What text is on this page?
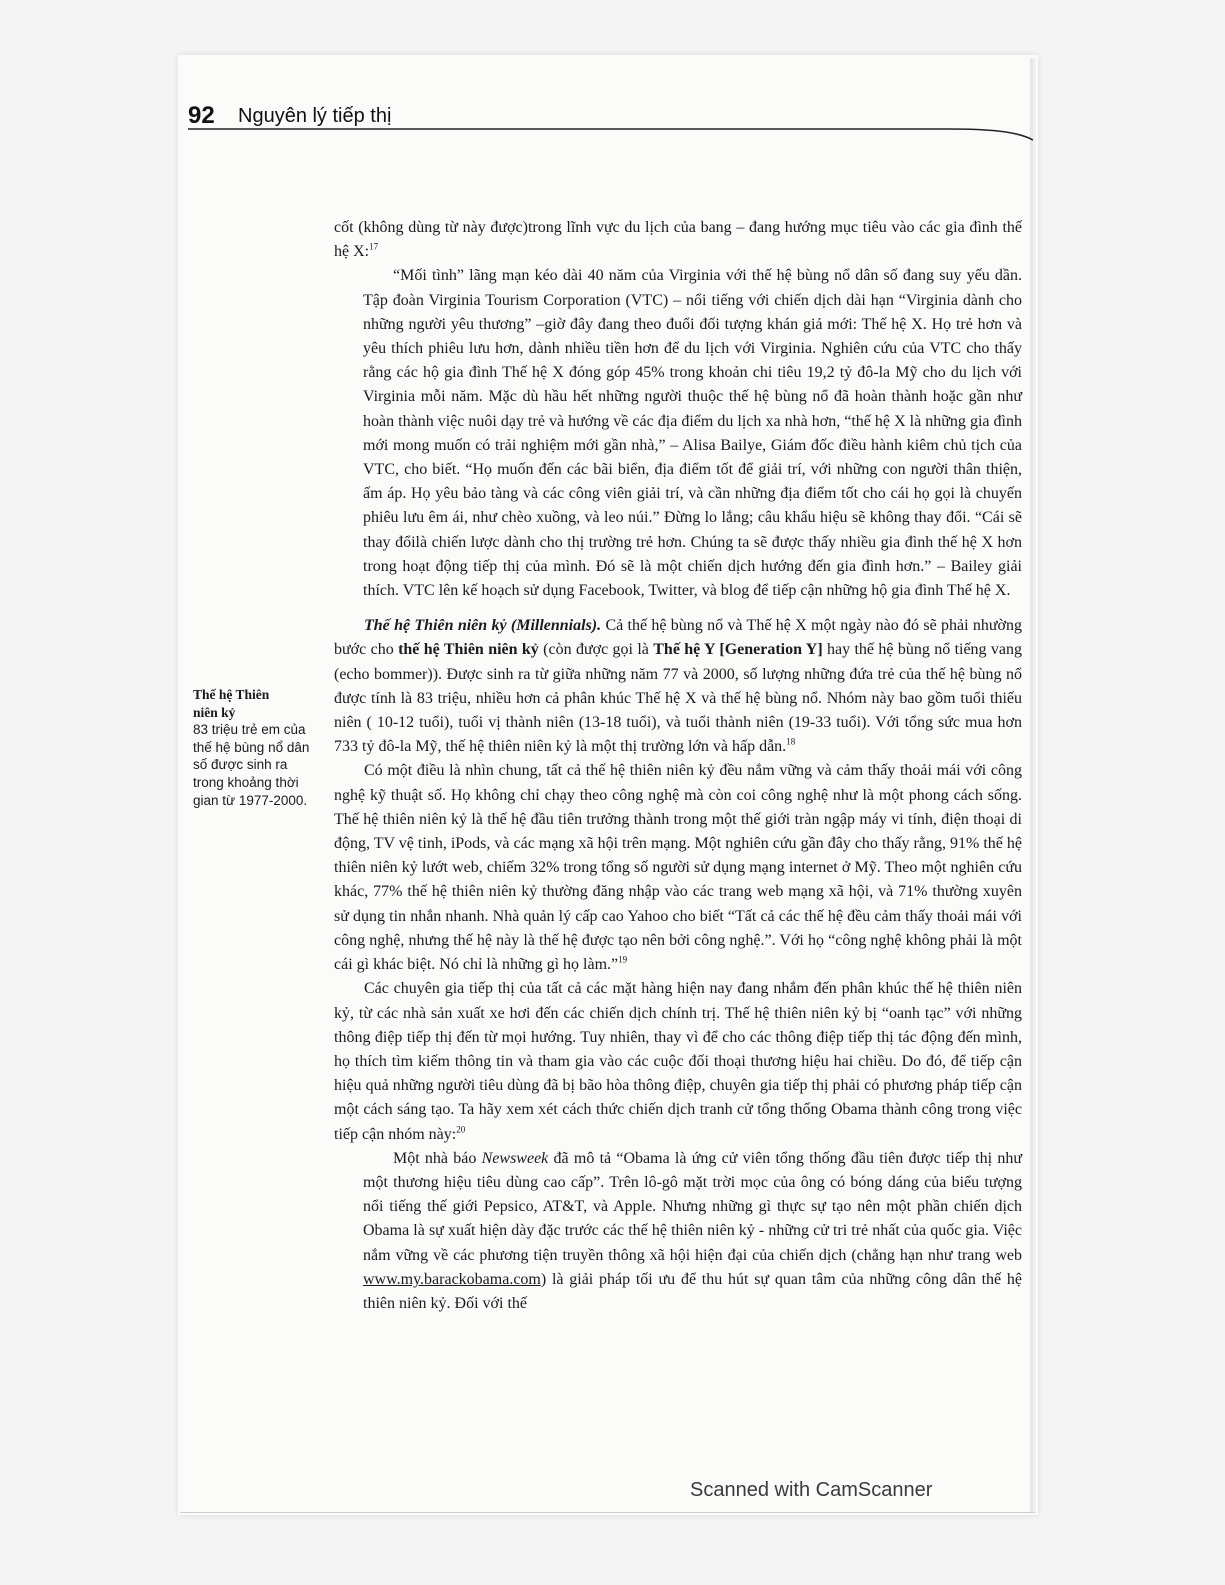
92 Nguyên lý tiếp thị
Thế hệ Thiên
niên kỷ
83 triệu trẻ em của thế hệ bùng nổ dân số được sinh ra trong khoảng thời gian từ 1977-2000.

cốt (không dùng từ này được)trong lĩnh vực du lịch của bang – đang hướng mục tiêu vào các gia đình thế hệ X:$^{17}$

“Mối tình” lãng mạn kéo dài 40 năm của Virginia với thế hệ bùng nổ dân số đang suy yếu dần. Tập đoàn Virginia Tourism Corporation (VTC) – nổi tiếng với chiến dịch dài hạn “Virginia dành cho những người yêu thương” –giờ đây đang theo đuổi đối tượng khán giả mới: Thế hệ X. Họ trẻ hơn và yêu thích phiêu lưu hơn, dành nhiều tiền hơn để du lịch với Virginia. Nghiên cứu của VTC cho thấy rằng các hộ gia đình Thế hệ X đóng góp 45% trong khoản chi tiêu 19,2 tỷ đô-la Mỹ cho du lịch với Virginia mỗi năm. Mặc dù hầu hết những người thuộc thế hệ bùng nổ đã hoàn thành hoặc gần như hoàn thành việc nuôi dạy trẻ và hướng về các địa điểm du lịch xa nhà hơn, “thế hệ X là những gia đình mới mong muốn có trải nghiệm mới gần nhà,” – Alisa Bailye, Giám đốc điều hành kiêm chủ tịch của VTC, cho biết. “Họ muốn đến các bãi biển, địa điểm tốt để giải trí, với những con người thân thiện, ấm áp. Họ yêu bảo tàng và các công viên giải trí, và cần những địa điểm tốt cho cái họ gọi là chuyến phiêu lưu êm ái, như chèo xuồng, và leo núi.” Đừng lo lắng; câu khẩu hiệu sẽ không thay đổi. “Cái sẽ thay đổilà chiến lược dành cho thị trường trẻ hơn. Chúng ta sẽ được thấy nhiều gia đình thế hệ X hơn trong hoạt động tiếp thị của mình. Đó sẽ là một chiến dịch hướng đến gia đình hơn.” – Bailey giải thích. VTC lên kế hoạch sử dụng Facebook, Twitter, và blog để tiếp cận những hộ gia đình Thế hệ X.

Thế hệ Thiên niên kỷ (Millennials). Cả thế hệ bùng nổ và Thế hệ X một ngày nào đó sẽ phải nhường bước cho thế hệ Thiên niên kỷ (còn được gọi là Thế hệ Y [Generation Y] hay thế hệ bùng nổ tiếng vang (echo bommer)). Được sinh ra từ giữa những năm 77 và 2000, số lượng những đứa trẻ của thế hệ bùng nổ được tính là 83 triệu, nhiều hơn cả phân khúc Thế hệ X và thế hệ bùng nổ. Nhóm này bao gồm tuổi thiếu niên ( 10-12 tuổi), tuổi vị thành niên (13-18 tuổi), và tuổi thành niên (19-33 tuổi). Với tổng sức mua hơn 733 tỷ đô-la Mỹ, thế hệ thiên niên kỷ là một thị trường lớn và hấp dẫn.$^{18}$

Có một điều là nhìn chung, tất cả thế hệ thiên niên kỷ đều nắm vững và cảm thấy thoải mái với công nghệ kỹ thuật số. Họ không chỉ chạy theo công nghệ mà còn coi công nghệ như là một phong cách sống. Thế hệ thiên niên kỷ là thế hệ đầu tiên trưởng thành trong một thế giới tràn ngập máy vi tính, điện thoại di động, TV vệ tinh, iPods, và các mạng xã hội trên mạng. Một nghiên cứu gần đây cho thấy rằng, 91% thế hệ thiên niên kỷ lướt web, chiếm 32% trong tổng số người sử dụng mạng internet ở Mỹ. Theo một nghiên cứu khác, 77% thế hệ thiên niên kỷ thường đăng nhập vào các trang web mạng xã hội, và 71% thường xuyên sử dụng tin nhắn nhanh. Nhà quản lý cấp cao Yahoo cho biết “Tất cả các thế hệ đều cảm thấy thoải mái với công nghệ, nhưng thế hệ này là thế hệ được tạo nên bởi công nghệ.”. Với họ “công nghệ không phải là một cái gì khác biệt. Nó chỉ là những gì họ làm.”$^{19}$

Các chuyên gia tiếp thị của tất cả các mặt hàng hiện nay đang nhắm đến phân khúc thế hệ thiên niên kỷ, từ các nhà sản xuất xe hơi đến các chiến dịch chính trị. Thế hệ thiên niên kỷ bị “oanh tạc” với những thông điệp tiếp thị đến từ mọi hướng. Tuy nhiên, thay vì để cho các thông điệp tiếp thị tác động đến mình, họ thích tìm kiếm thông tin và tham gia vào các cuộc đối thoại thương hiệu hai chiều. Do đó, để tiếp cận hiệu quả những người tiêu dùng đã bị bão hòa thông điệp, chuyên gia tiếp thị phải có phương pháp tiếp cận một cách sáng tạo. Ta hãy xem xét cách thức chiến dịch tranh cử tổng thống Obama thành công trong việc tiếp cận nhóm này:$^{20}$

Một nhà báo Newsweek đã mô tả “Obama là ứng cử viên tổng thống đầu tiên được tiếp thị như một thương hiệu tiêu dùng cao cấp”. Trên lô-gô mặt trời mọc của ông có bóng dáng của biểu tượng nổi tiếng thế giới Pepsico, AT&T, và Apple. Nhưng những gì thực sự tạo nên một phần chiến dịch Obama là sự xuất hiện dày đặc trước các thế hệ thiên niên kỷ - những cử tri trẻ nhất của quốc gia. Việc nắm vững về các phương tiện truyền thông xã hội hiện đại của chiến dịch (chẳng hạn như trang web www.my.barackobama.com) là giải pháp tối ưu để thu hút sự quan tâm của những công dân thế hệ thiên niên kỷ. Đối với thế

Scanned with CamScanner
